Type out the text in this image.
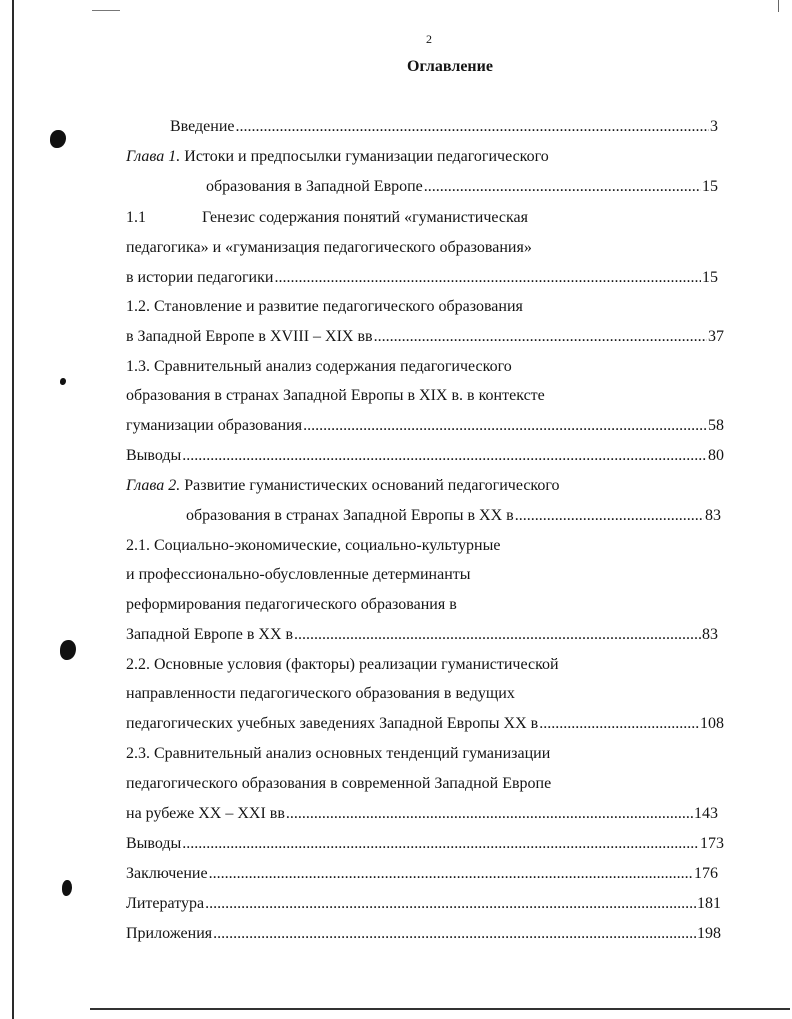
2
Оглавление
Введение .....	3
Глава 1. Истоки и предпосылки гуманизации педагогического
образования в Западной Европе .....	15
1.1	Генезис содержания понятий «гуманистическая
педагогика» и «гуманизация педагогического образования»
в истории педагогики .....	15
1.2. Становление и развитие педагогического образования
в Западной Европе в XVIII – XIX вв .....	37
1.3. Сравнительный анализ содержания педагогического
образования в странах Западной Европы в XIX в. в контексте
гуманизации образования .....	58
Выводы .....	80
Глава 2. Развитие гуманистических оснований педагогического
образования в странах Западной Европы в XX в .....	83
2.1. Социально-экономические, социально-культурные
и профессионально-обусловленные детерминанты
реформирования педагогического образования в
Западной Европе в XX в .....	83
2.2. Основные условия (факторы) реализации гуманистической
направленности педагогического образования в ведущих
педагогических учебных заведениях Западной Европы XX в .....	108
2.3. Сравнительный анализ основных тенденций гуманизации
педагогического образования в современной Западной Европе
на рубеже XX – XXI вв .....	143
Выводы .....	173
Заключение .....	176
Литература .....	181
Приложения .....	198
